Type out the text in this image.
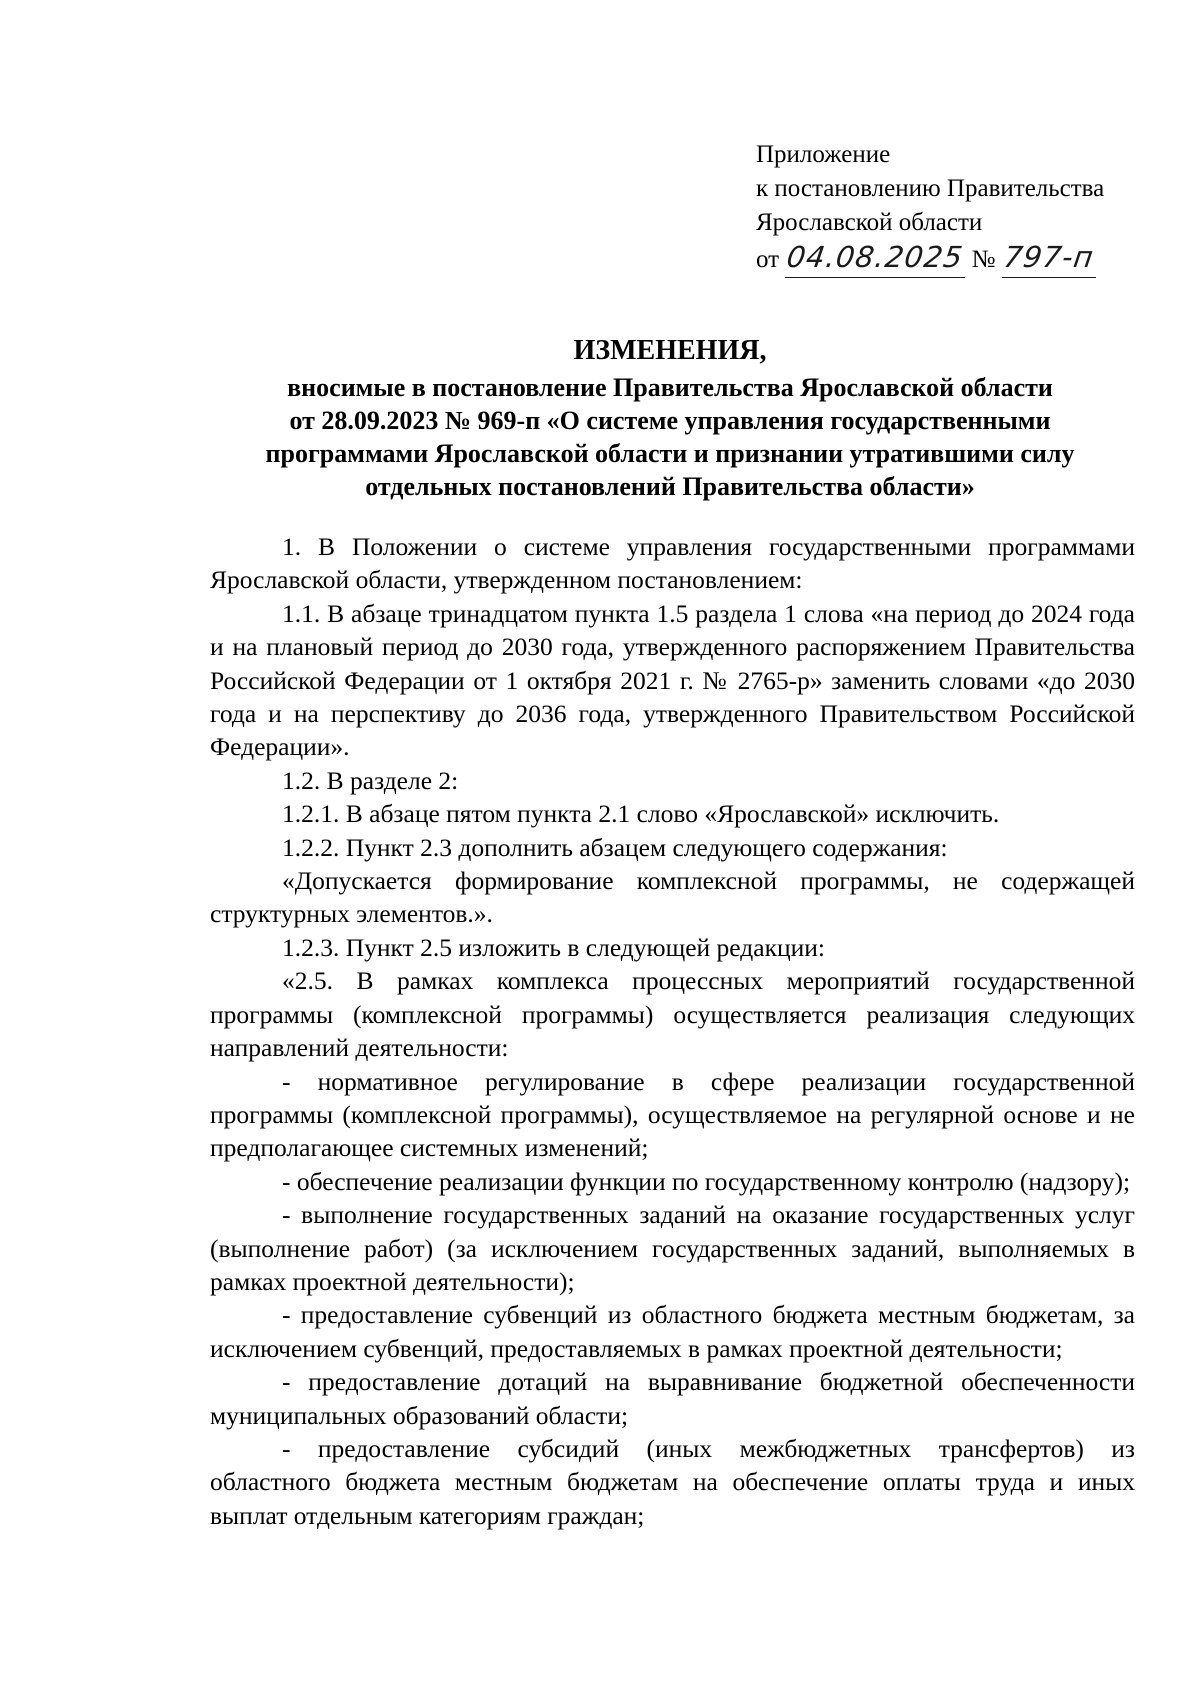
Приложение
к постановлению Правительства
Ярославской области
от 04.08.2025 № 797-п
ИЗМЕНЕНИЯ,
вносимые в постановление Правительства Ярославской области
от 28.09.2023 № 969-п «О системе управления государственными
программами Ярославской области и признании утратившими силу
отдельных постановлений Правительства области»

1. В Положении о системе управления государственными программами Ярославской области, утвержденном постановлением:

1.1. В абзаце тринадцатом пункта 1.5 раздела 1 слова «на период до 2024 года и на плановый период до 2030 года, утвержденного распоряжением Правительства Российской Федерации от 1 октября 2021 г. № 2765-р» заменить словами «до 2030 года и на перспективу до 2036 года, утвержденного Правительством Российской Федерации».

1.2. В разделе 2:

1.2.1. В абзаце пятом пункта 2.1 слово «Ярославской» исключить.

1.2.2. Пункт 2.3 дополнить абзацем следующего содержания:

«Допускается формирование комплексной программы, не содержащей структурных элементов.».

1.2.3. Пункт 2.5 изложить в следующей редакции:

«2.5. В рамках комплекса процессных мероприятий государственной программы (комплексной программы) осуществляется реализация следующих направлений деятельности:

- нормативное регулирование в сфере реализации государственной программы (комплексной программы), осуществляемое на регулярной основе и не предполагающее системных изменений;

- обеспечение реализации функции по государственному контролю (надзору);

- выполнение государственных заданий на оказание государственных услуг (выполнение работ) (за исключением государственных заданий, выполняемых в рамках проектной деятельности);

- предоставление субвенций из областного бюджета местным бюджетам, за исключением субвенций, предоставляемых в рамках проектной деятельности;

- предоставление дотаций на выравнивание бюджетной обеспеченности муниципальных образований области;

- предоставление субсидий (иных межбюджетных трансфертов) из областного бюджета местным бюджетам на обеспечение оплаты труда и иных выплат отдельным категориям граждан;
